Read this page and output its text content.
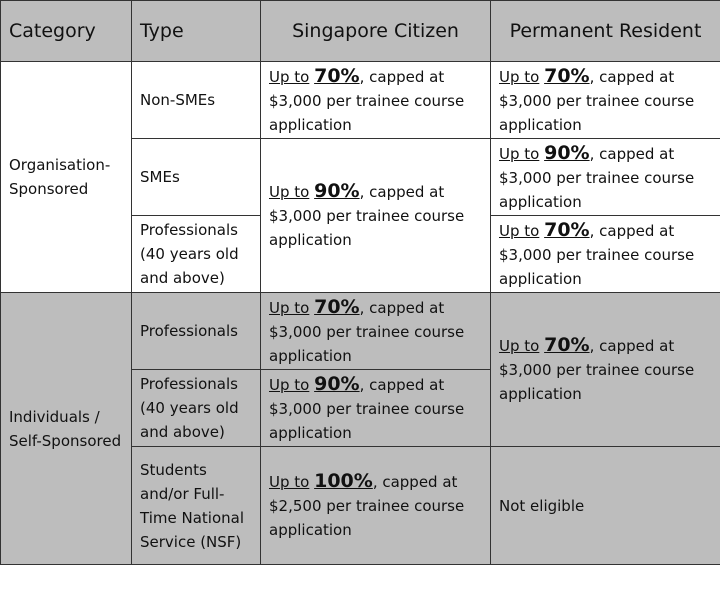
Category	Type	Singapore Citizen	Permanent Resident
Organisation-Sponsored	Non-SMEs	Up to 70%, capped at $3,000 per trainee course application	Up to 70%, capped at $3,000 per trainee course application
	SMEs	Up to 90%, capped at $3,000 per trainee course application	Up to 90%, capped at $3,000 per trainee course application
	Professionals (40 years old and above)		Up to 70%, capped at $3,000 per trainee course application
Individuals / Self-Sponsored	Professionals	Up to 70%, capped at $3,000 per trainee course application	Up to 70%, capped at $3,000 per trainee course application
	Professionals (40 years old and above)	Up to 90%, capped at $3,000 per trainee course application	
	Students and/or Full-Time National Service (NSF)	Up to 100%, capped at $2,500 per trainee course application	Not eligible
